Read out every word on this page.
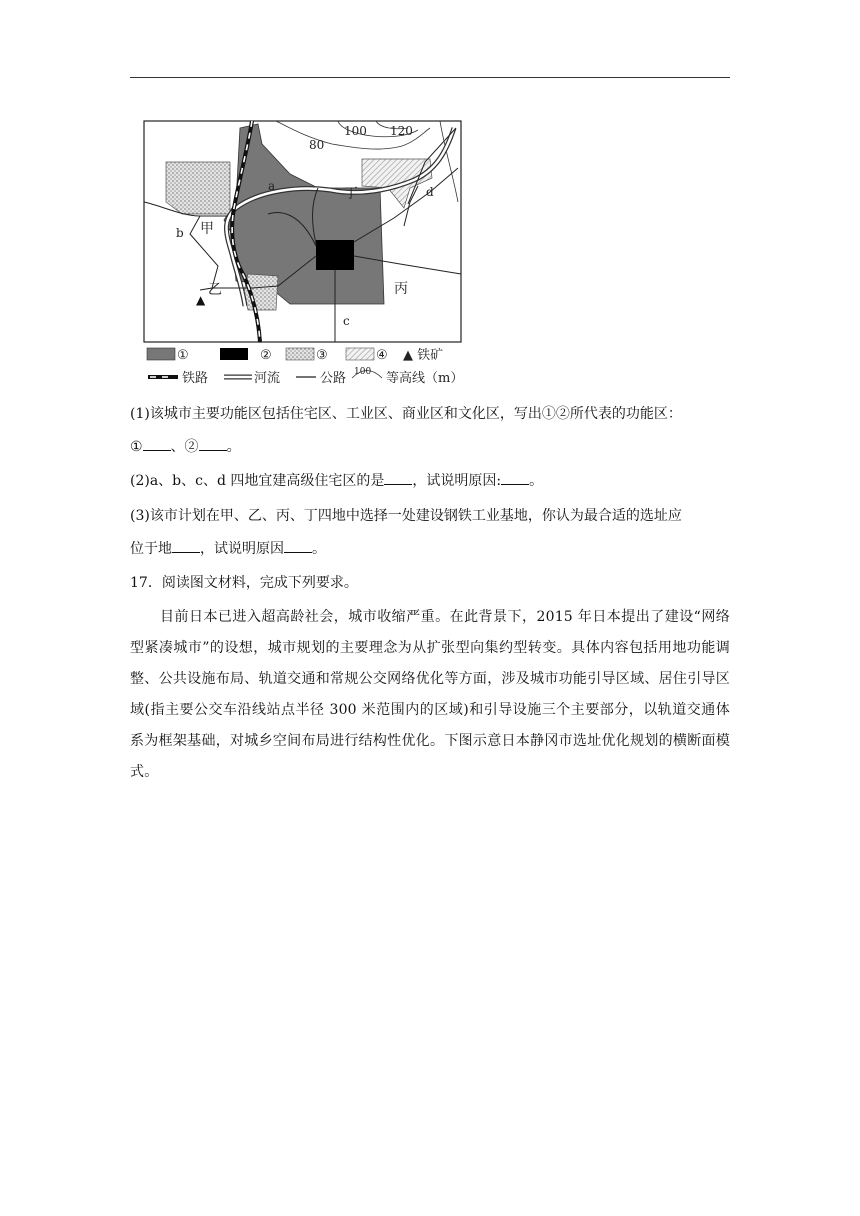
80
100 120
▲
a
b
c
d
甲
乙	丙
丁
①	②	③	④ ▲ 铁矿
铁路	河流	公路 100 等高线（m）
(1)该城市主要功能区包括住宅区、工业区、商业区和文化区，写出①②所代表的功能区：
① 、② 。
(2)a、b、c、d 四地宜建高级住宅区的是 ，试说明原因: 。
(3)该市计划在甲、乙、丙、丁四地中选择一处建设钢铁工业基地，你认为最合适的选址应
位于地 ，试说明原因 。
17．阅读图文材料，完成下列要求。
目前日本已进入超高龄社会，城市收缩严重。在此背景下，2015 年日本提出了建设“网络型紧凑城市”的设想，城市规划的主要理念为从扩张型向集约型转变。具体内容包括用地功能调整、公共设施布局、轨道交通和常规公交网络优化等方面，涉及城市功能引导区域、居住引导区域(指主要公交车沿线站点半径 300 米范围内的区域)和引导设施三个主要部分，以轨道交通体系为框架基础，对城乡空间布局进行结构性优化。下图示意日本静冈市选址优化规划的横断面模式。
